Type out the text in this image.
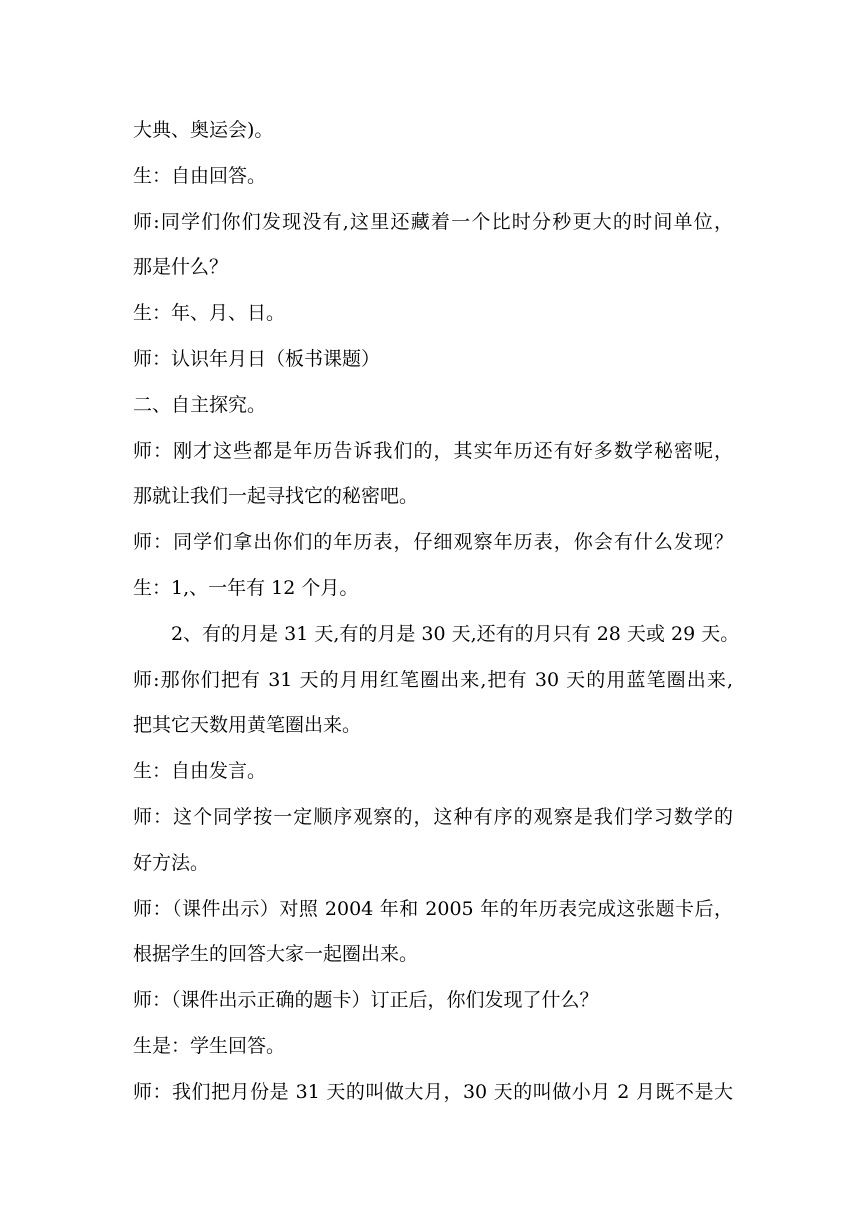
大典、奥运会)。

生：自由回答。

师:同学们你们发现没有,这里还藏着一个比时分秒更大的时间单位，

那是什么？

生：年、月、日。

师：认识年月日（板书课题）

二、自主探究。

师：刚才这些都是年历告诉我们的，其实年历还有好多数学秘密呢，

那就让我们一起寻找它的秘密吧。

师：同学们拿出你们的年历表，仔细观察年历表，你会有什么发现？

生：1,、一年有 12 个月。

2、有的月是 31 天,有的月是 30 天,还有的月只有 28 天或 29 天。

师:那你们把有 31 天的月用红笔圈出来,把有 30 天的用蓝笔圈出来,

把其它天数用黄笔圈出来。

生：自由发言。

师：这个同学按一定顺序观察的，这种有序的观察是我们学习数学的

好方法。

师：（课件出示）对照 2004 年和 2005 年的年历表完成这张题卡后，

根据学生的回答大家一起圈出来。

师：（课件出示正确的题卡）订正后，你们发现了什么？

生是：学生回答。

师：我们把月份是 31 天的叫做大月，30 天的叫做小月 2 月既不是大
